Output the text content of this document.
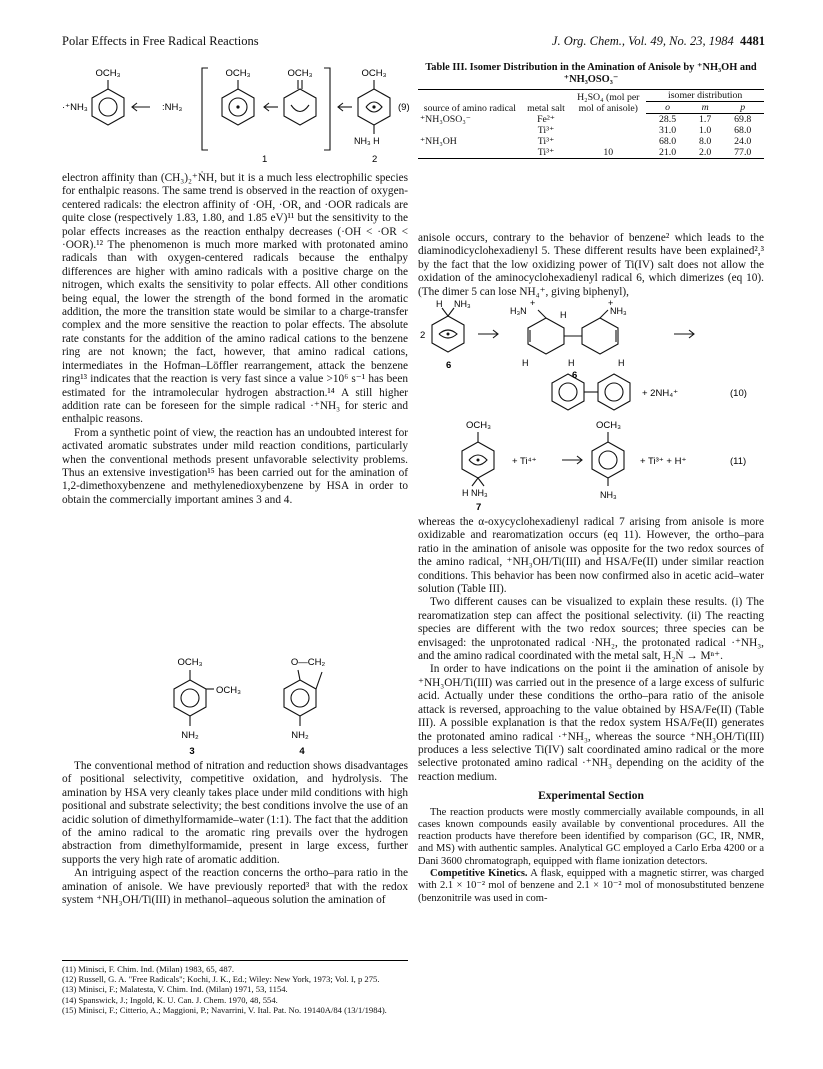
Polar Effects in Free Radical Reactions	J. Org. Chem., Vol. 49, No. 23, 1984 4481
OCH₃	OCH₃	OCH₃	OCH₃
·⁺NH₃	:NH₃
NH₃ H
(9)
1	2

electron affinity than (CH₃)₂⁺ṄH, but it is a much less electrophilic species for enthalpic reasons. The same trend is observed in the reaction of oxygen-centered radicals: the electron affinity of ·OH, ·OR, and ·OOR radicals are quite close (respectively 1.83, 1.80, and 1.85 eV)¹¹ but the sensitivity to the polar effects increases as the reaction enthalpy decreases (·OH < ·OR < ·OOR).¹² The phenomenon is much more marked with protonated amino radicals than with oxygen-centered radicals because the enthalpy differences are higher with amino radicals with a positive charge on the nitrogen, which exalts the sensitivity to polar effects. All other conditions being equal, the lower the strength of the bond formed in the aromatic addition, the more the transition state would be similar to a charge-transfer complex and the more sensitive the reaction to polar effects. The absolute rate constants for the addition of the amino radical cations to the benzene ring are not known; the fact, however, that amino radical cations, intermediates in the Hofman–Löffler rearrangement, attack the benzene ring¹³ indicates that the reaction is very fast since a value >10⁶ s⁻¹ has been estimated for the intramolecular hydrogen abstraction.¹⁴ A still higher addition rate can be foreseen for the simple radical ·⁺NH₃ for steric and enthalpic reasons.

From a synthetic point of view, the reaction has an undoubted interest for activated aromatic substrates under mild reaction conditions, particularly when the conventional methods present unfavorable selectivity problems. Thus an extensive investigation¹⁵ has been carried out for the amination of 1,2-dimethoxybenzene and methylenedioxybenzene by HSA in order to obtain the commercially important amines 3 and 4.

OCH₃
OCH₃
NH₂
3
O—CH₂
NH₂
4

The conventional method of nitration and reduction shows disadvantages of positional selectivity, competitive oxidation, and hydrolysis. The amination by HSA very cleanly takes place under mild conditions with high positional and substrate selectivity; the best conditions involve the use of an acidic solution of dimethylformamide–water (1:1). The fact that the addition of the amino radical to the aromatic ring prevails over the hydrogen abstraction from dimethylformamide, present in large excess, further supports the very high rate of aromatic addition.

An intriguing aspect of the reaction concerns the ortho–para ratio in the amination of anisole. We have previously reported³ that with the redox system ⁺NH₃OH/Ti(III) in methanol–aqueous solution the amination of

(11) Minisci, F. Chim. Ind. (Milan) 1983, 65, 487.
(12) Russell, G. A. "Free Radicals"; Kochi, J. K., Ed.; Wiley: New York, 1973; Vol. I, p 275.
(13) Minisci, F.; Malatesta, V. Chim. Ind. (Milan) 1971, 53, 1154.
(14) Spanswick, J.; Ingold, K. U. Can. J. Chem. 1970, 48, 554.
(15) Minisci, F.; Citterio, A.; Maggioni, P.; Navarrini, V. Ital. Pat. No. 19140A/84 (13/1/1984).
Table III. Isomer Distribution in the Amination of Anisole by ⁺NH₃OH and ⁺NH₃OSO₃⁻
source of amino radical	metal salt	H₂SO₄ (mol per mol of anisole)	isomer distribution		
			o	m	p
⁺NH₃OSO₃⁻	Fe²⁺		28.5	1.7	69.8
	Ti³⁺		31.0	1.0	68.0
⁺NH₃OH	Ti³⁺		68.0	8.0	24.0
	Ti³⁺	10	21.0	2.0	77.0

anisole occurs, contrary to the behavior of benzene² which leads to the diaminodicyclohexadienyl 5. These different results have been explained²,³ by the fact that the low oxidizing power of Ti(IV) salt does not allow the oxidation of the aminocyclohexadienyl radical 6, which dimerizes (eq 10). (The dimer 5 can lose NH₄⁺, giving biphenyl),

H NH₃
2
H₃N
+
H	NH₃
+
H	H	H
6
6
+ 2NH₄⁺	(10)
OCH₃	OCH₃
H NH₃	NH₃
+ Ti⁴⁺	+ Ti³⁺ + H⁺	(11)
7

whereas the α-oxycyclohexadienyl radical 7 arising from anisole is more oxidizable and rearomatization occurs (eq 11). However, the ortho–para ratio in the amination of anisole was opposite for the two redox sources of the amino radical, ⁺NH₃OH/Ti(III) and HSA/Fe(II) under similar reaction conditions. This behavior has been now confirmed also in acetic acid–water solution (Table III).

Two different causes can be visualized to explain these results. (i) The rearomatization step can affect the positional selectivity. (ii) The reacting species are different with the two redox sources; three species can be envisaged: the unprotonated radical ·NH₂, the protonated radical ·⁺NH₃, and the amino radical coordinated with the metal salt, H₂Ṅ → Mⁿ⁺.

In order to have indications on the point ii the amination of anisole by ⁺NH₃OH/Ti(III) was carried out in the presence of a large excess of sulfuric acid. Actually under these conditions the ortho–para ratio of the anisole attack is reversed, approaching to the value obtained by HSA/Fe(II) (Table III). A possible explanation is that the redox system HSA/Fe(II) generates the protonated amino radical ·⁺NH₃, whereas the source ⁺NH₃OH/Ti(III) produces a less selective Ti(IV) salt coordinated amino radical or the more selective protonated amino radical ·⁺NH₃ depending on the acidity of the reaction medium.

Experimental Section

The reaction products were mostly commercially available compounds, in all cases known compounds easily available by conventional procedures. All the reaction products have therefore been identified by comparison (GC, IR, NMR, and MS) with authentic samples. Analytical GC employed a Carlo Erba 4200 or a Dani 3600 chromatograph, equipped with flame ionization detectors.

Competitive Kinetics. A flask, equipped with a magnetic stirrer, was charged with 2.1 × 10⁻² mol of benzene and 2.1 × 10⁻² mol of monosubstituted benzene (benzonitrile was used in com-
